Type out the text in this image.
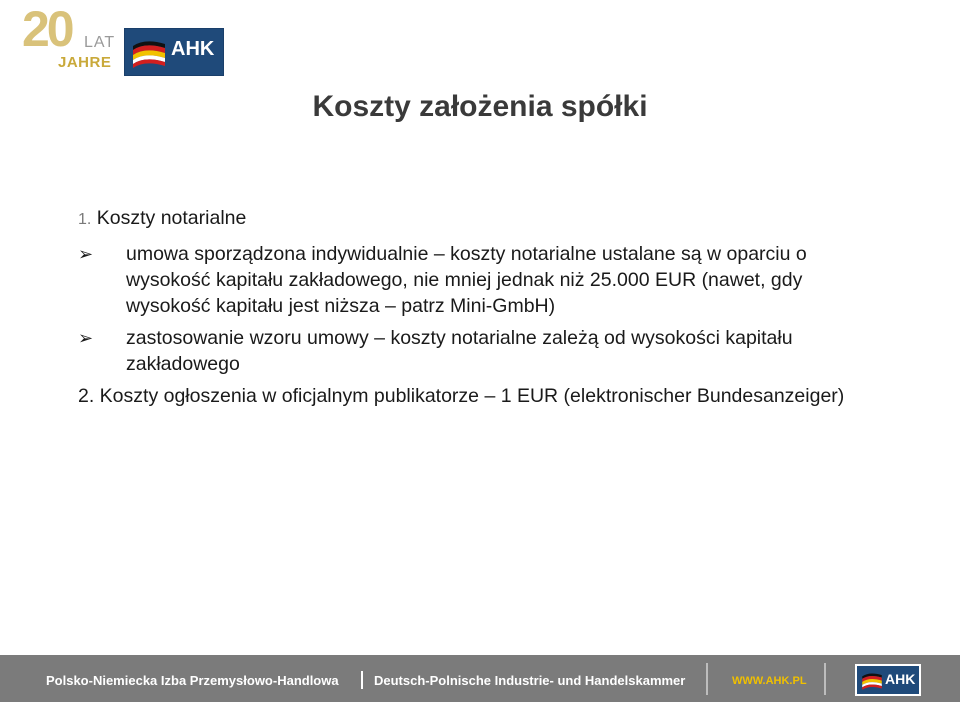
20 LAT
JAHRE
AHK
Koszty założenia spółki
1. Koszty notarialne
➢ umowa sporządzona indywidualnie – koszty notarialne ustalane są w oparciu o wysokość kapitału zakładowego, nie mniej jednak niż 25.000 EUR (nawet, gdy wysokość kapitału jest niższa – patrz Mini-GmbH)
➢ zastosowanie wzoru umowy – koszty notarialne zależą od wysokości kapitału zakładowego
2. Koszty ogłoszenia w oficjalnym publikatorze – 1 EUR (elektronischer Bundesanzeiger)
Polsko-Niemiecka Izba Przemysłowo-Handlowa	Deutsch-Polnische Industrie- und Handelskammer	WWW.AHK.PL	AHK
